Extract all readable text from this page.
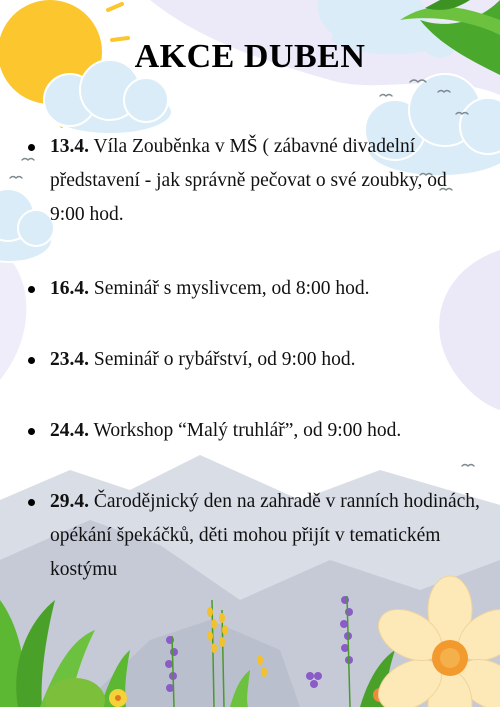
AKCE DUBEN
13.4. Víla Zouběnka v MŠ ( zábavné divadelní představení - jak správně pečovat o své zoubky, od 9:00 hod.
16.4. Seminář s myslivcem, od 8:00 hod.
23.4. Seminář o rybářství, od 9:00 hod.
24.4. Workshop “Malý truhlář”, od 9:00 hod.
29.4. Čarodějnický den na zahradě v ranních hodinách, opékání špekáčků, děti mohou přijít v tematickém kostýmu
